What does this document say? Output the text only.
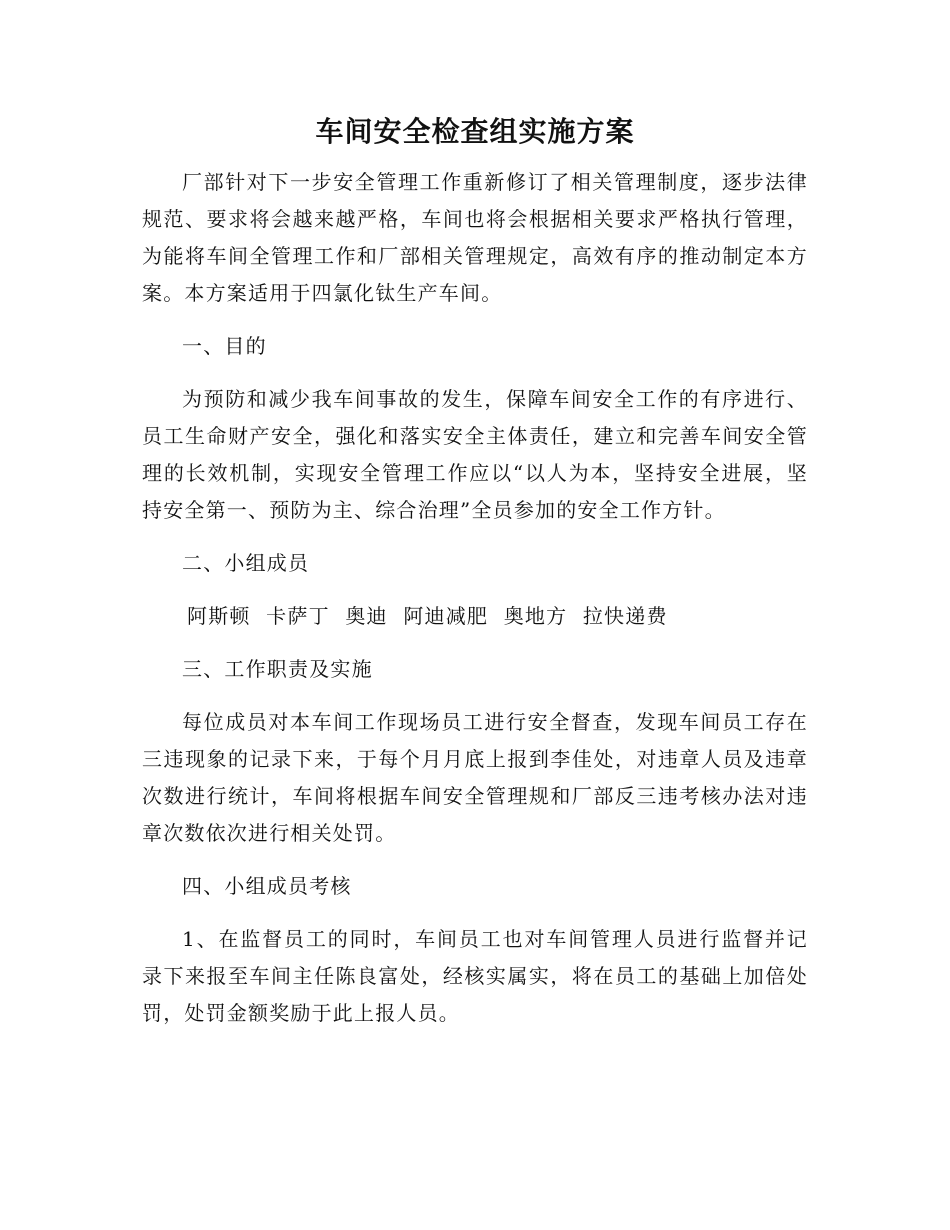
车间安全检查组实施方案

厂部针对下一步安全管理工作重新修订了相关管理制度，逐步法律规范、要求将会越来越严格，车间也将会根据相关要求严格执行管理，为能将车间全管理工作和厂部相关管理规定，高效有序的推动制定本方案。本方案适用于四氯化钛生产车间。

一、目的

为预防和减少我车间事故的发生，保障车间安全工作的有序进行、员工生命财产安全，强化和落实安全主体责任，建立和完善车间安全管理的长效机制，实现安全管理工作应以“以人为本，坚持安全进展，坚持安全第一、预防为主、综合治理”全员参加的安全工作方针。

二、小组成员

阿斯顿 卡萨丁 奥迪 阿迪减肥 奥地方 拉快递费

三、工作职责及实施

每位成员对本车间工作现场员工进行安全督查，发现车间员工存在三违现象的记录下来，于每个月月底上报到李佳处，对违章人员及违章次数进行统计，车间将根据车间安全管理规和厂部反三违考核办法对违章次数依次进行相关处罚。

四、小组成员考核

1、在监督员工的同时，车间员工也对车间管理人员进行监督并记录下来报至车间主任陈良富处，经核实属实，将在员工的基础上加倍处罚，处罚金额奖励于此上报人员。
